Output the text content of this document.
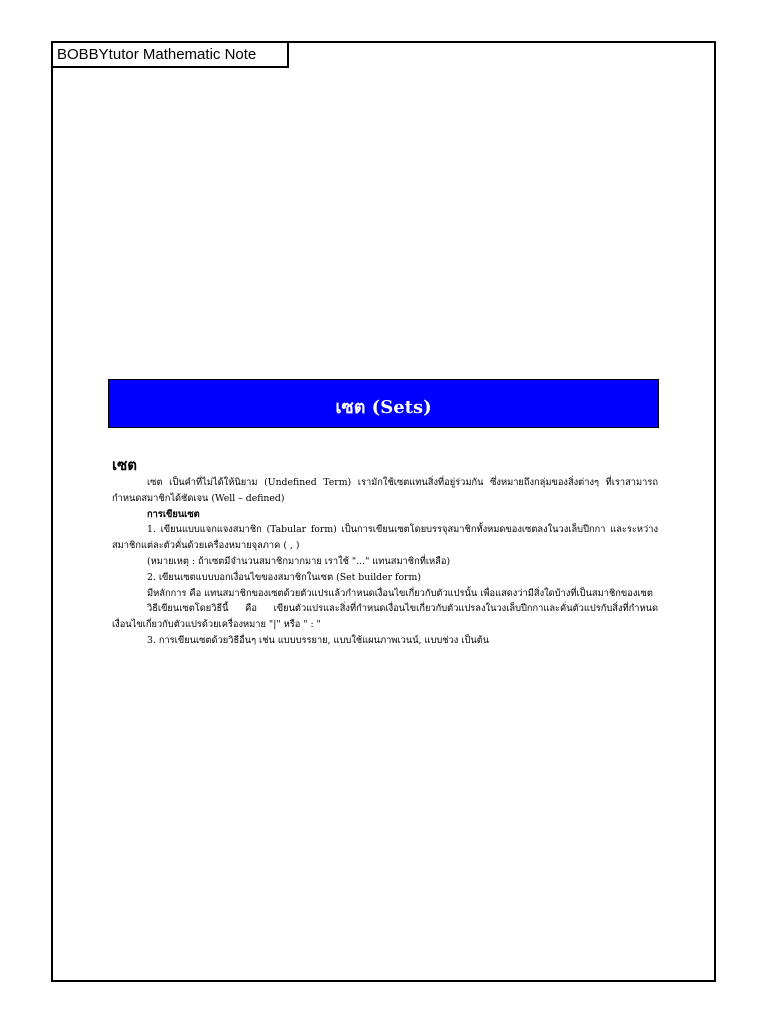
BOBBYtutor Mathematic Note
เซต (Sets)
เซต

เซต เป็นคำที่ไม่ได้ให้นิยาม (Undefined Term) เรามักใช้เซตแทนสิ่งที่อยู่ร่วมกัน ซึ่งหมายถึงกลุ่มของสิ่งต่างๆ ที่เราสามารถกำหนดสมาชิกได้ชัดเจน (Well – defined)

การเขียนเซต

1. เขียนแบบแจกแจงสมาชิก (Tabular form) เป็นการเขียนเซตโดยบรรจุสมาชิกทั้งหมดของเซตลงในวงเล็บปีกกา และระหว่างสมาชิกแต่ละตัวคั่นด้วยเครื่องหมายจุลภาค ( , )

(หมายเหตุ : ถ้าเซตมีจำนวนสมาชิกมากมาย เราใช้ "..." แทนสมาชิกที่เหลือ)

2. เขียนเซตแบบบอกเงื่อนไขของสมาชิกในเซต (Set builder form)

มีหลักการ คือ แทนสมาชิกของเซตด้วยตัวแปรแล้วกำหนดเงื่อนไขเกี่ยวกับตัวแปรนั้น เพื่อแสดงว่ามีสิ่งใดบ้างที่เป็นสมาชิกของเซต

วิธีเขียนเซตโดยวิธีนี้ คือ เขียนตัวแปรและสิ่งที่กำหนดเงื่อนไขเกี่ยวกับตัวแปรลงในวงเล็บปีกกาและคั่นตัวแปรกับสิ่งที่กำหนดเงื่อนไขเกี่ยวกับตัวแปรด้วยเครื่องหมาย "|" หรือ " : "

3. การเขียนเซตด้วยวิธีอื่นๆ เช่น แบบบรรยาย, แบบใช้แผนภาพเวนน์, แบบช่วง เป็นต้น
